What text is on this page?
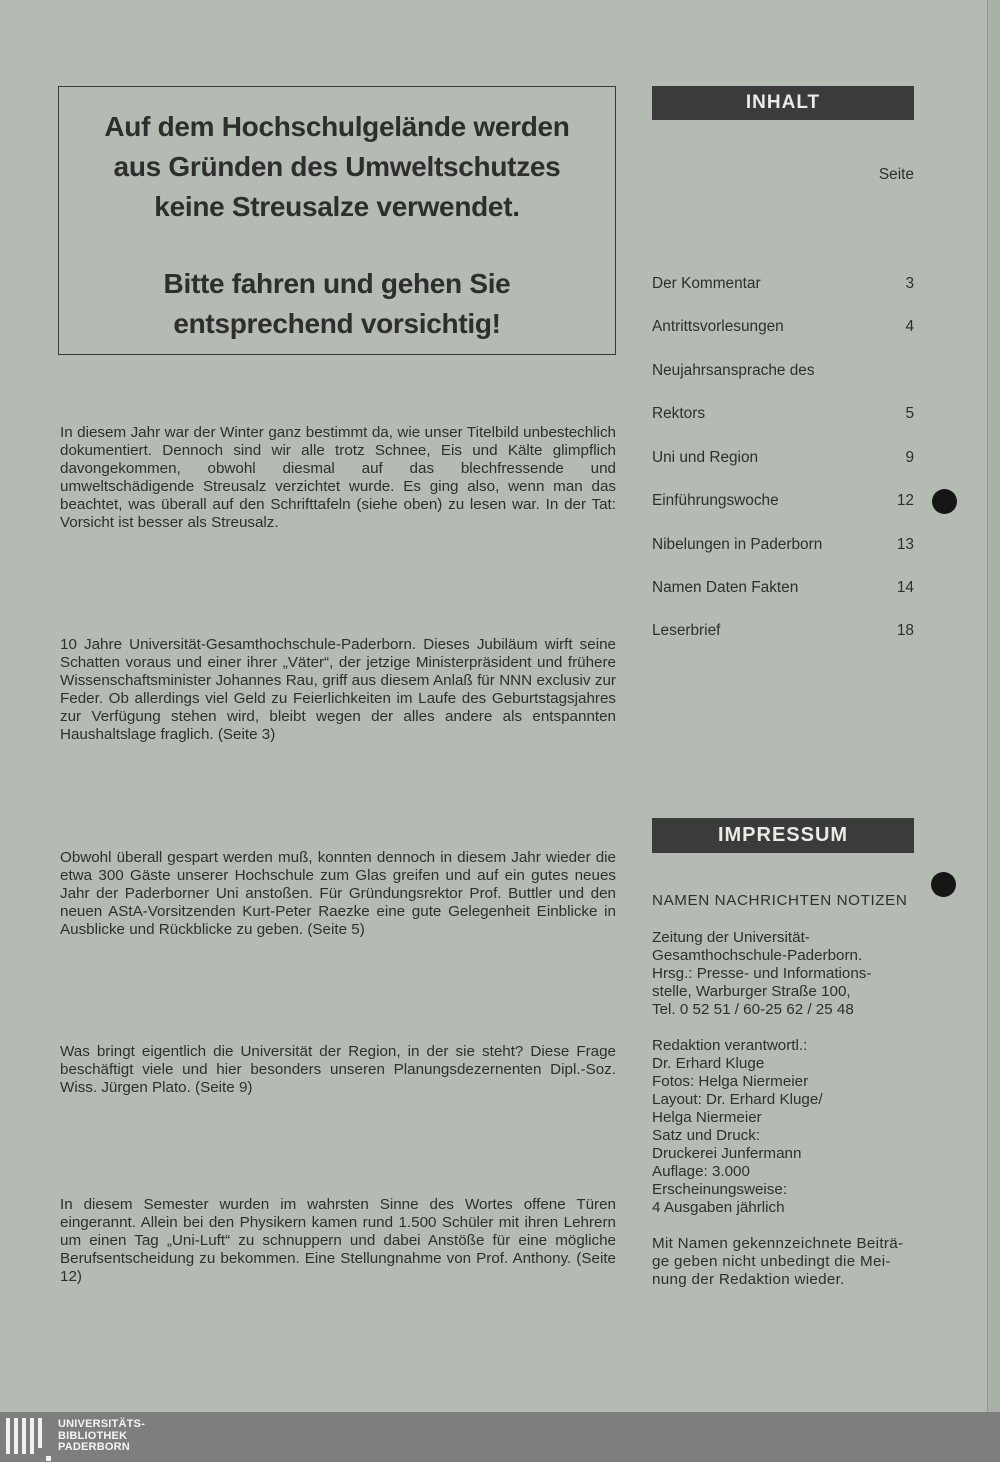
Auf dem Hochschulgelände werden
aus Gründen des Umweltschutzes
keine Streusalze verwendet.
Bitte fahren und gehen Sie
entsprechend vorsichtig!
In diesem Jahr war der Winter ganz bestimmt da, wie unser Titelbild unbestechlich dokumentiert. Dennoch sind wir alle trotz Schnee, Eis und Kälte glimpflich davongekommen, obwohl diesmal auf das blechfressende und umweltschädigende Streusalz verzichtet wurde. Es ging also, wenn man das beachtet, was überall auf den Schrifttafeln (siehe oben) zu lesen war. In der Tat: Vorsicht ist besser als Streusalz.
10 Jahre Universität-Gesamthochschule-Paderborn. Dieses Jubiläum wirft seine Schatten voraus und einer ihrer „Väter“, der jetzige Ministerpräsident und frühere Wissenschaftsminister Johannes Rau, griff aus diesem Anlaß für NNN exclusiv zur Feder. Ob allerdings viel Geld zu Feierlichkeiten im Laufe des Geburtstagsjahres zur Verfügung stehen wird, bleibt wegen der alles andere als entspannten Haushaltslage fraglich. (Seite 3)
Obwohl überall gespart werden muß, konnten dennoch in diesem Jahr wieder die etwa 300 Gäste unserer Hochschule zum Glas greifen und auf ein gutes neues Jahr der Paderborner Uni anstoßen. Für Gründungsrektor Prof. Buttler und den neuen AStA-Vorsitzenden Kurt-Peter Raezke eine gute Gelegenheit Einblicke in Ausblicke und Rückblicke zu geben. (Seite 5)
Was bringt eigentlich die Universität der Region, in der sie steht? Diese Frage beschäftigt viele und hier besonders unseren Planungsdezernenten Dipl.-Soz. Wiss. Jürgen Plato. (Seite 9)
In diesem Semester wurden im wahrsten Sinne des Wortes offene Türen eingerannt. Allein bei den Physikern kamen rund 1.500 Schüler mit ihren Lehrern um einen Tag „Uni-Luft“ zu schnuppern und dabei Anstöße für eine mögliche Berufsentscheidung zu bekommen. Eine Stellungnahme von Prof. Anthony. (Seite 12)
INHALT
Seite
Der Kommentar	3
Antrittsvorlesungen	4
Neujahrsansprache des
Rektors	5
Uni und Region	9
Einführungswoche	12
Nibelungen in Paderborn	13
Namen Daten Fakten	14
Leserbrief	18
IMPRESSUM
NAMEN NACHRICHTEN NOTIZEN
Zeitung der Universität-
Gesamthochschule-Paderborn.
Hrsg.: Presse- und Informations-
stelle, Warburger Straße 100,
Tel. 0 52 51 / 60-25 62 / 25 48
Redaktion verantwortl.:
Dr. Erhard Kluge
Fotos: Helga Niermeier
Layout: Dr. Erhard Kluge/
Helga Niermeier
Satz und Druck:
Druckerei Junfermann
Auflage: 3.000
Erscheinungsweise:
4 Ausgaben jährlich
Mit Namen gekennzeichnete Beiträ-
ge geben nicht unbedingt die Mei-
nung der Redaktion wieder.
UNIVERSITÄTS-
BIBLIOTHEK
PADERBORN
